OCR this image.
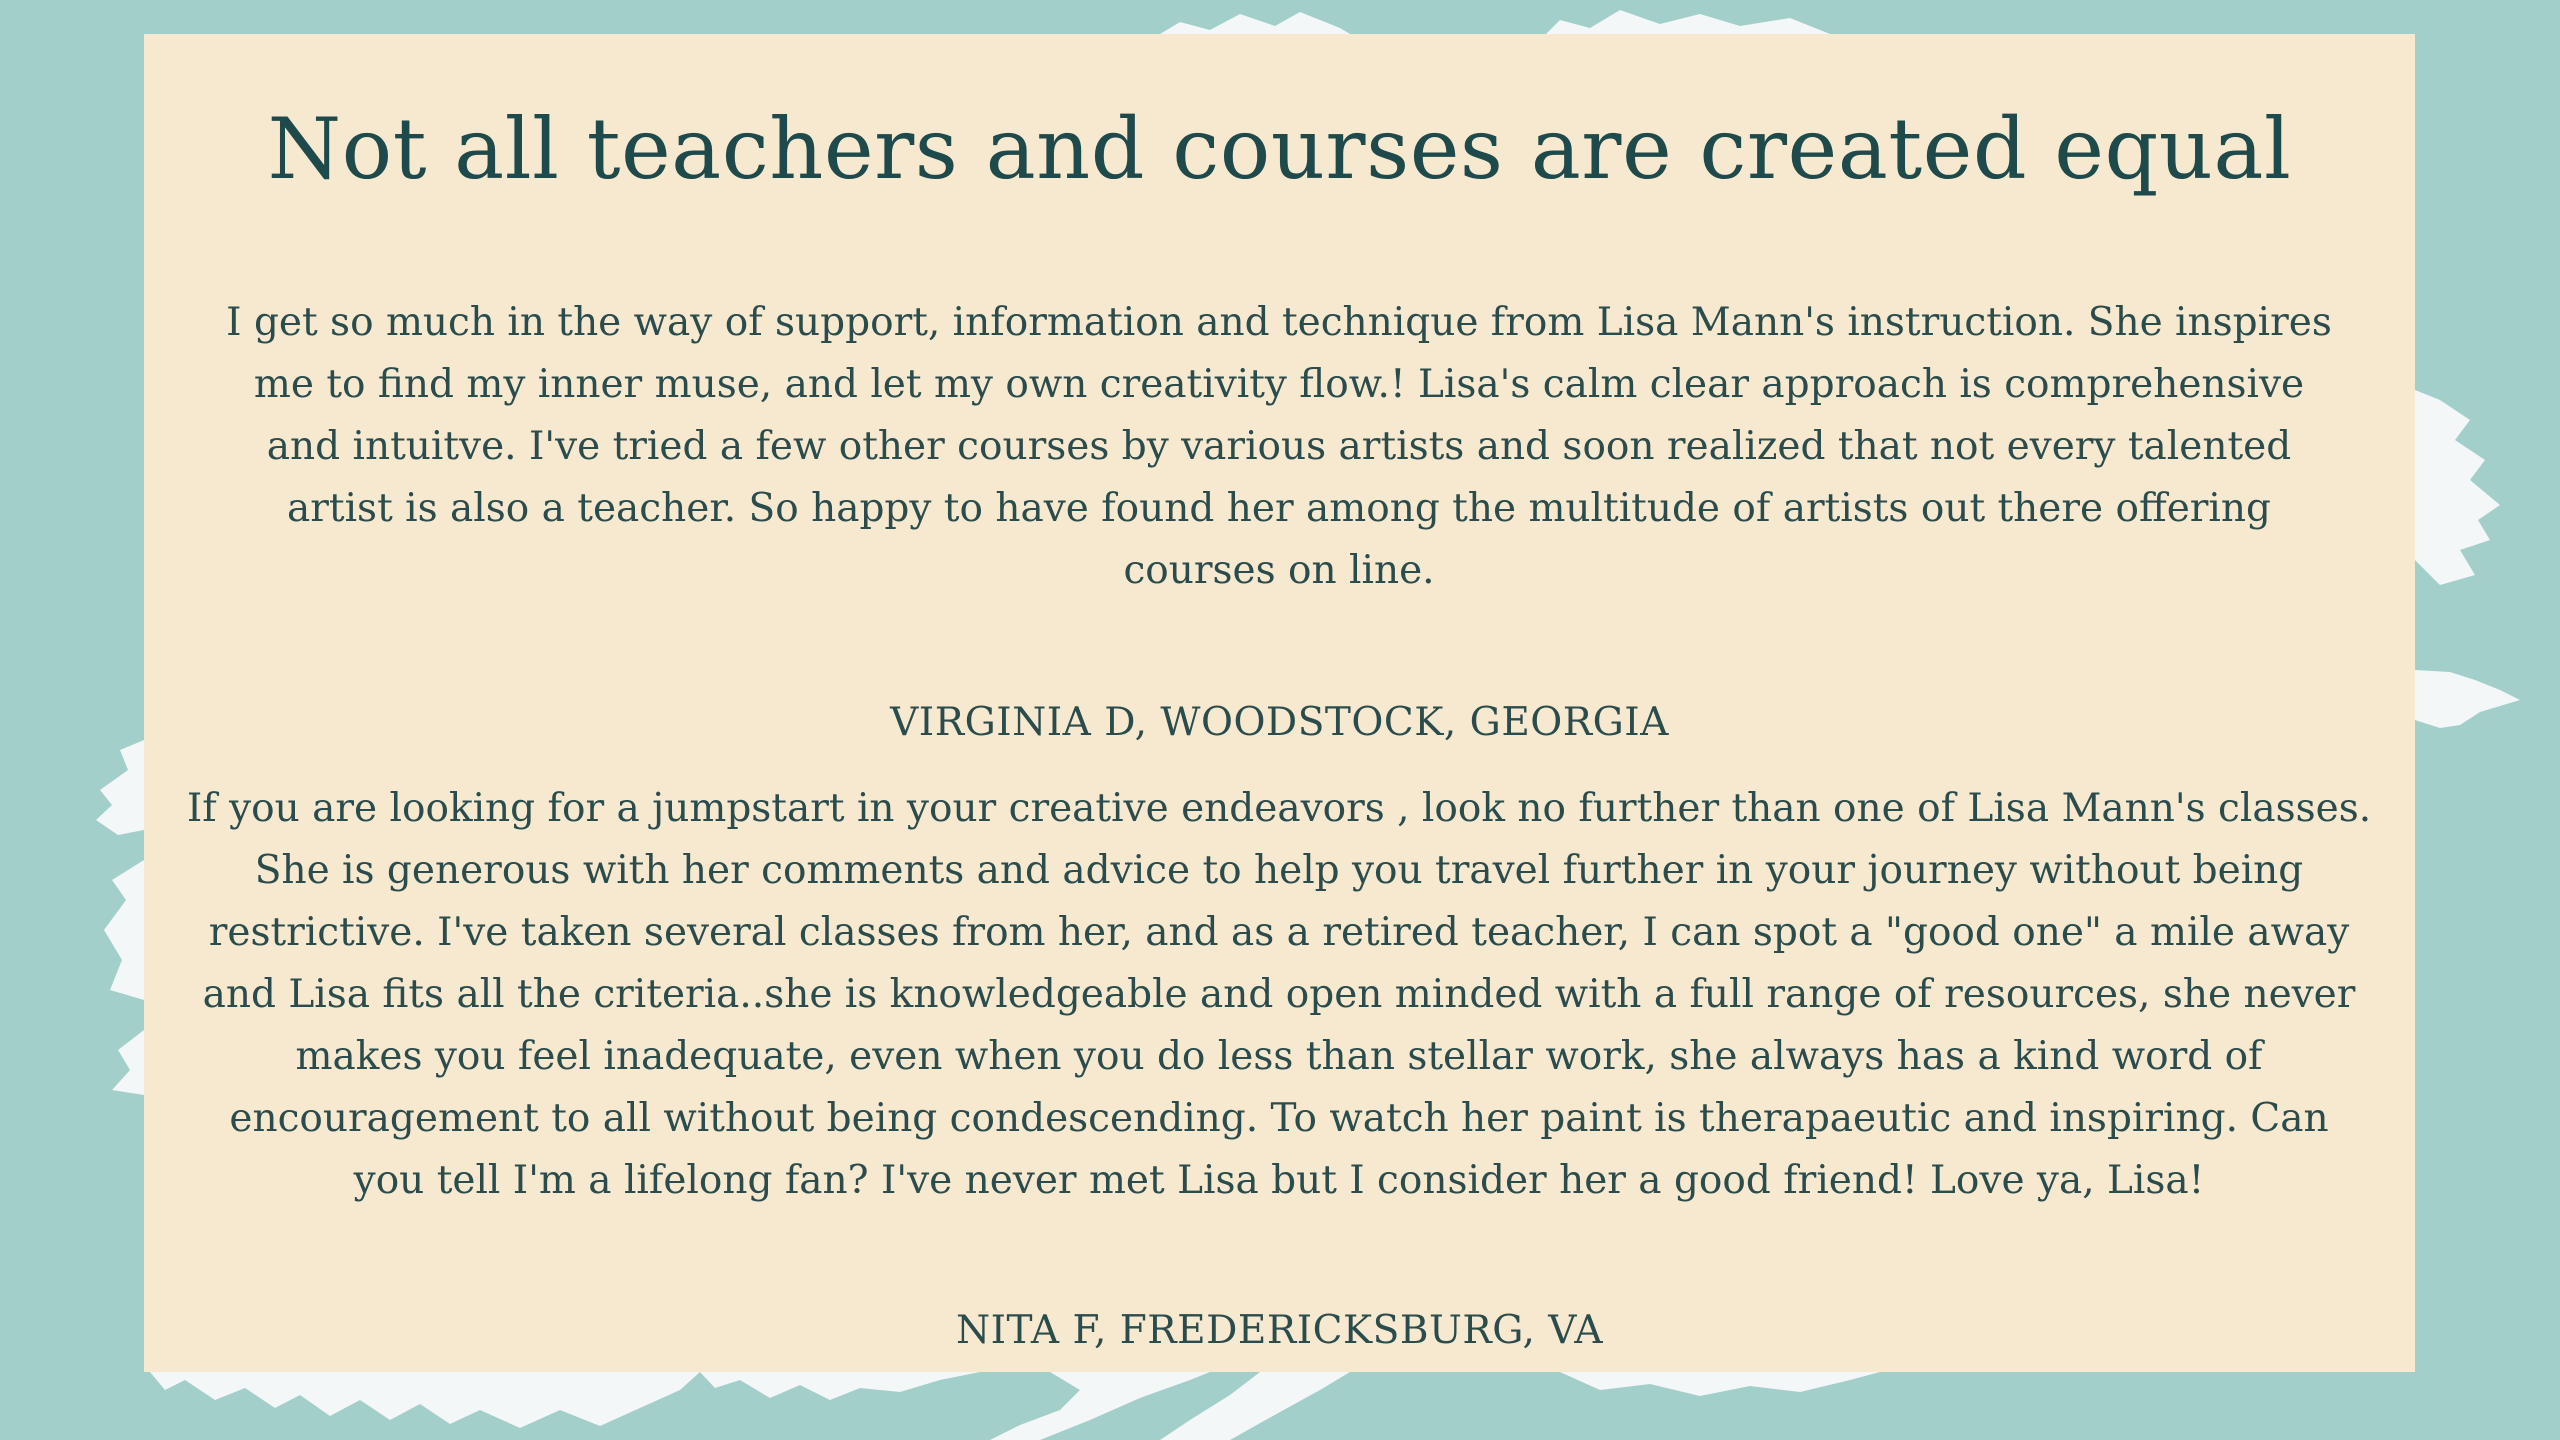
Not all teachers and courses are created equal

I get so much in the way of support, information and technique from Lisa Mann's instruction. She inspires
me to find my inner muse, and let my own creativity flow.! Lisa's calm clear approach is comprehensive
and intuitve. I've tried a few other courses by various artists and soon realized that not every talented
artist is also a teacher. So happy to have found her among the multitude of artists out there offering
courses on line.

VIRGINIA D, WOODSTOCK, GEORGIA

If you are looking for a jumpstart in your creative endeavors , look no further than one of Lisa Mann's classes.
She is generous with her comments and advice to help you travel further in your journey without being
restrictive. I've taken several classes from her, and as a retired teacher, I can spot a "good one" a mile away
and Lisa fits all the criteria..she is knowledgeable and open minded with a full range of resources, she never
makes you feel inadequate, even when you do less than stellar work, she always has a kind word of
encouragement to all without being condescending. To watch her paint is therapaeutic and inspiring. Can
you tell I'm a lifelong fan? I've never met Lisa but I consider her a good friend! Love ya, Lisa!

NITA F, FREDERICKSBURG, VA
